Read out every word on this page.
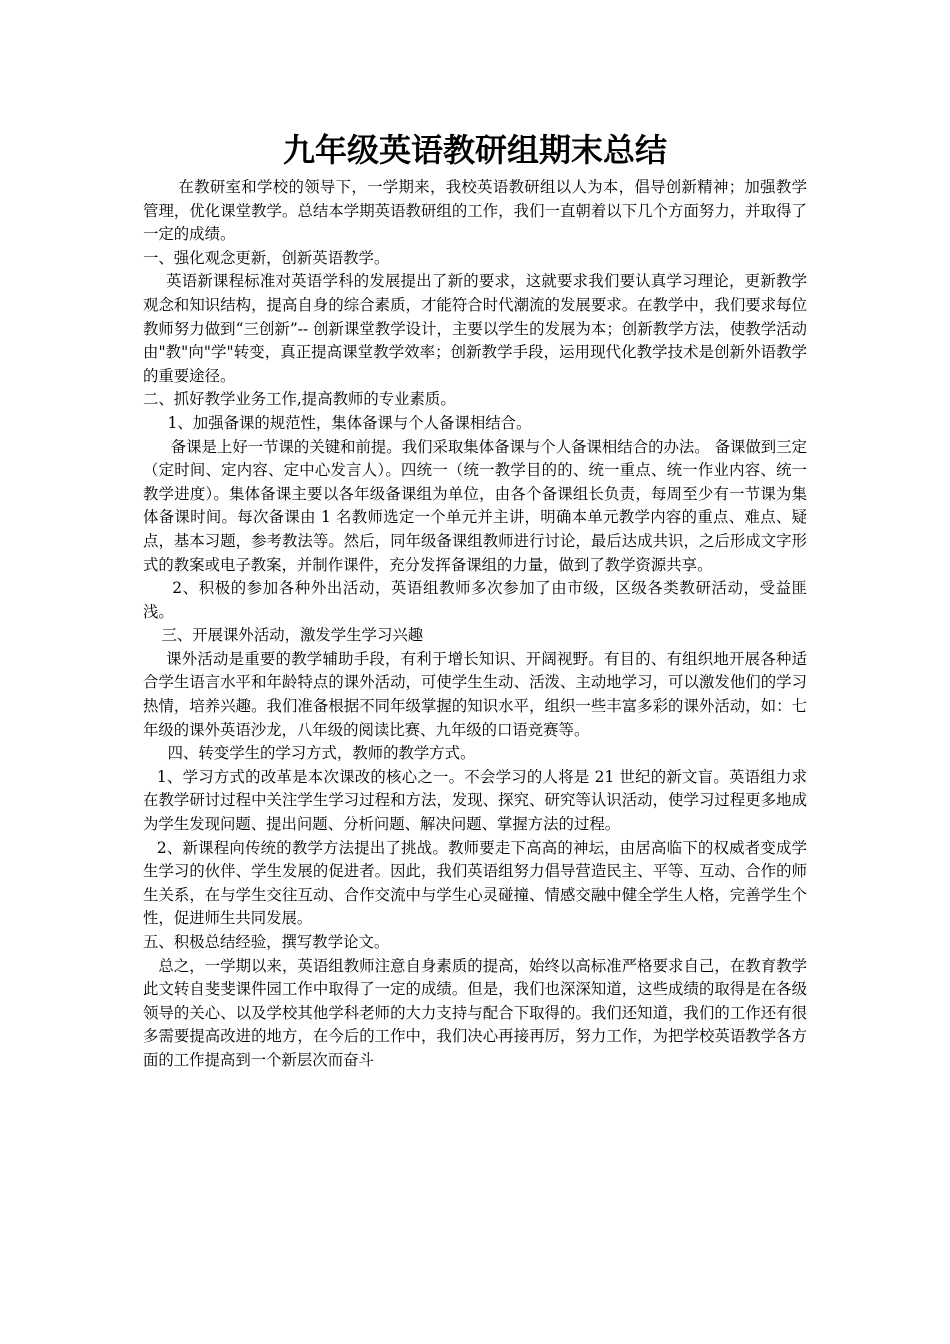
九年级英语教研组期末总结

在教研室和学校的领导下，一学期来，我校英语教研组以人为本，倡导创新精神；加强教学管理，优化课堂教学。总结本学期英语教研组的工作，我们一直朝着以下几个方面努力，并取得了一定的成绩。

一、强化观念更新，创新英语教学。

英语新课程标准对英语学科的发展提出了新的要求，这就要求我们要认真学习理论，更新教学观念和知识结构，提高自身的综合素质，才能符合时代潮流的发展要求。在教学中，我们要求每位教师努力做到“三创新”-- 创新课堂教学设计，主要以学生的发展为本；创新教学方法，使教学活动由"教"向"学"转变，真正提高课堂教学效率；创新教学手段，运用现代化教学技术是创新外语教学的重要途径。

二、抓好教学业务工作,提高教师的专业素质。

1、加强备课的规范性，集体备课与个人备课相结合。

备课是上好一节课的关键和前提。我们采取集体备课与个人备课相结合的办法。 备课做到三定（定时间、定内容、定中心发言人）。四统一（统一教学目的的、统一重点、统一作业内容、统一教学进度）。集体备课主要以各年级备课组为单位，由各个备课组长负责，每周至少有一节课为集体备课时间。每次备课由 1 名教师选定一个单元并主讲，明确本单元教学内容的重点、难点、疑点，基本习题，参考教法等。然后，同年级备课组教师进行讨论，最后达成共识，之后形成文字形式的教案或电子教案，并制作课件，充分发挥备课组的力量，做到了教学资源共享。

2、积极的参加各种外出活动，英语组教师多次参加了由市级，区级各类教研活动，受益匪浅。

三、开展课外活动，激发学生学习兴趣

课外活动是重要的教学辅助手段，有利于增长知识、开阔视野。有目的、有组织地开展各种适合学生语言水平和年龄特点的课外活动，可使学生生动、活泼、主动地学习，可以激发他们的学习热情，培养兴趣。我们准备根据不同年级掌握的知识水平，组织一些丰富多彩的课外活动，如：七年级的课外英语沙龙，八年级的阅读比赛、九年级的口语竞赛等。

四、转变学生的学习方式，教师的教学方式。

1、学习方式的改革是本次课改的核心之一。不会学习的人将是 21 世纪的新文盲。英语组力求在教学研讨过程中关注学生学习过程和方法，发现、探究、研究等认识活动，使学习过程更多地成为学生发现问题、提出问题、分析问题、解决问题、掌握方法的过程。

2、新课程向传统的教学方法提出了挑战。教师要走下高高的神坛，由居高临下的权威者变成学生学习的伙伴、学生发展的促进者。因此，我们英语组努力倡导营造民主、平等、互动、合作的师生关系，在与学生交往互动、合作交流中与学生心灵碰撞、情感交融中健全学生人格，完善学生个性，促进师生共同发展。

五、积极总结经验，撰写教学论文。

总之，一学期以来，英语组教师注意自身素质的提高，始终以高标准严格要求自己，在教育教学此文转自斐斐课件园工作中取得了一定的成绩。但是，我们也深深知道，这些成绩的取得是在各级领导的关心、以及学校其他学科老师的大力支持与配合下取得的。我们还知道，我们的工作还有很多需要提高改进的地方，在今后的工作中，我们决心再接再厉，努力工作，为把学校英语教学各方面的工作提高到一个新层次而奋斗
